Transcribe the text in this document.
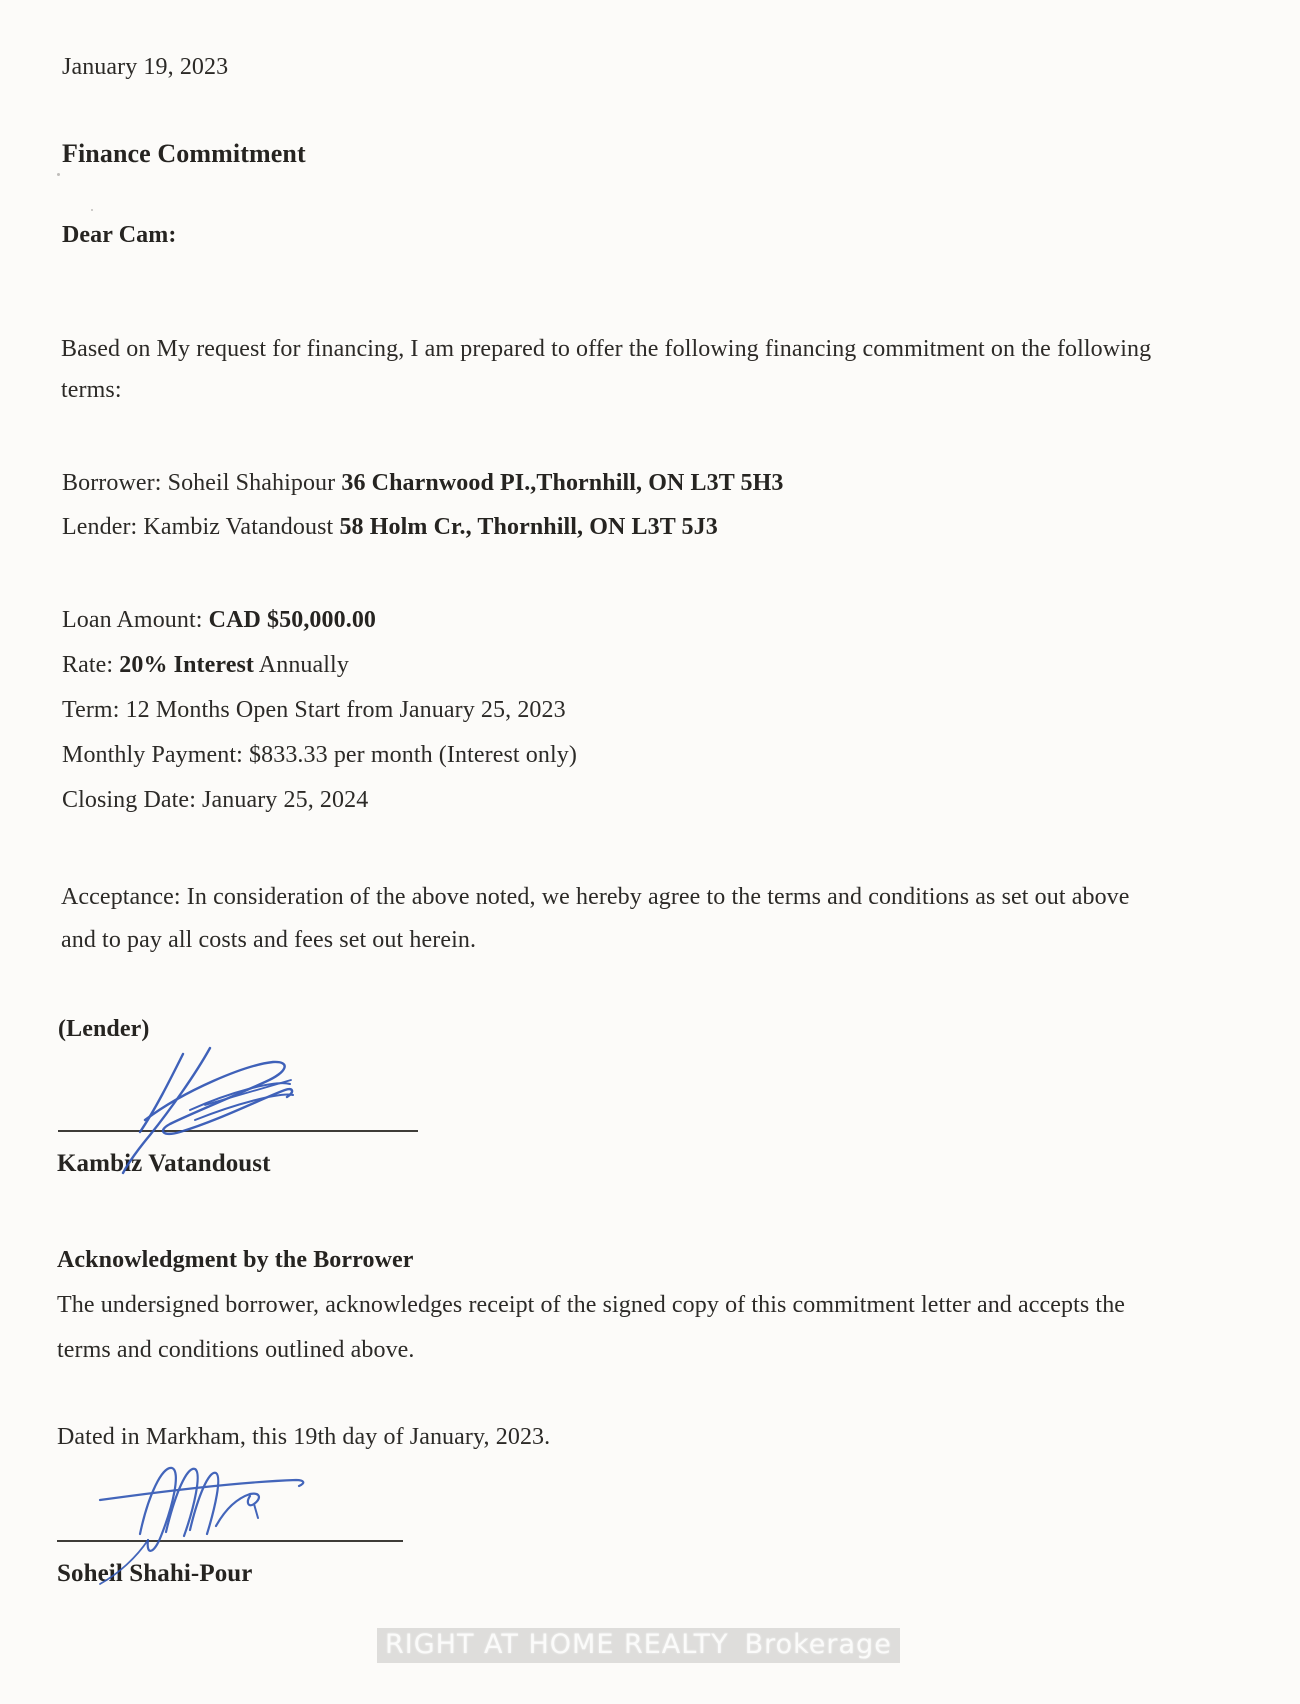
January 19, 2023
Finance Commitment
Dear Cam:
Based on My request for financing, I am prepared to offer the following financing commitment on the following
terms:
Borrower: Soheil Shahipour 36 Charnwood PI.,Thornhill, ON L3T 5H3
Lender: Kambiz Vatandoust 58 Holm Cr., Thornhill, ON L3T 5J3
Loan Amount: CAD $50,000.00
Rate: 20% Interest Annually
Term: 12 Months Open Start from January 25, 2023
Monthly Payment: $833.33 per month (Interest only)
Closing Date: January 25, 2024
Acceptance: In consideration of the above noted, we hereby agree to the terms and conditions as set out above
and to pay all costs and fees set out herein.
(Lender)
Kambiz Vatandoust
Acknowledgment by the Borrower
The undersigned borrower, acknowledges receipt of the signed copy of this commitment letter and accepts the
terms and conditions outlined above.
Dated in Markham, this 19th day of January, 2023.
Soheil Shahi-Pour
RIGHT AT HOME REALTY Brokerage
